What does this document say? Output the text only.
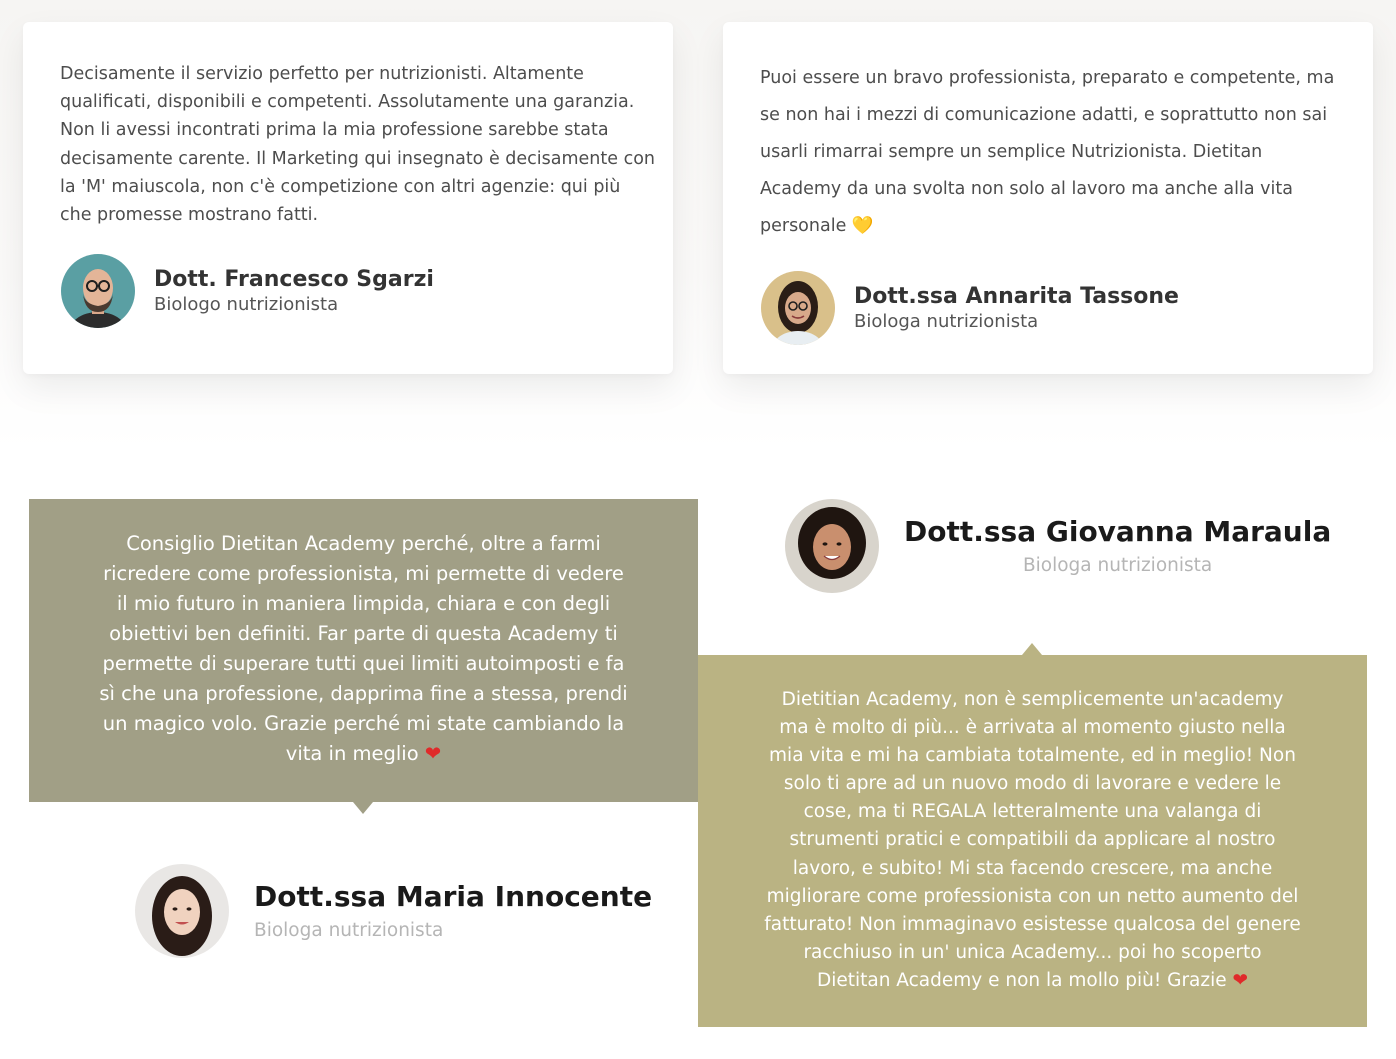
Decisamente il servizio perfetto per nutrizionisti. Altamente qualificati, disponibili e competenti. Assolutamente una garanzia. Non li avessi incontrati prima la mia professione sarebbe stata decisamente carente. Il Marketing qui insegnato è decisamente con la 'M' maiuscola, non c'è competizione con altri agenzie: qui più che promesse mostrano fatti.
Dott. Francesco Sgarzi
Biologo nutrizionista
Puoi essere un bravo professionista, preparato e competente, ma se non hai i mezzi di comunicazione adatti, e soprattutto non sai usarli rimarrai sempre un semplice Nutrizionista. Dietitan Academy da una svolta non solo al lavoro ma anche alla vita personale 💛
Dott.ssa Annarita Tassone
Biologa nutrizionista
Consiglio Dietitan Academy perché, oltre a farmi ricredere come professionista, mi permette di vedere il mio futuro in maniera limpida, chiara e con degli obiettivi ben definiti. Far parte di questa Academy ti permette di superare tutti quei limiti autoimposti e fa sì che una professione, dapprima fine a stessa, prendi un magico volo. Grazie perché mi state cambiando la vita in meglio ❤
Dott.ssa Maria Innocente
Biologa nutrizionista
Dott.ssa Giovanna Maraula
Biologa nutrizionista
Dietitian Academy, non è semplicemente un'academy ma è molto di più... è arrivata al momento giusto nella mia vita e mi ha cambiata totalmente, ed in meglio! Non solo ti apre ad un nuovo modo di lavorare e vedere le cose, ma ti REGALA letteralmente una valanga di strumenti pratici e compatibili da applicare al nostro lavoro, e subito! Mi sta facendo crescere, ma anche migliorare come professionista con un netto aumento del fatturato! Non immaginavo esistesse qualcosa del genere racchiuso in un' unica Academy... poi ho scoperto Dietitan Academy e non la mollo più! Grazie ❤
